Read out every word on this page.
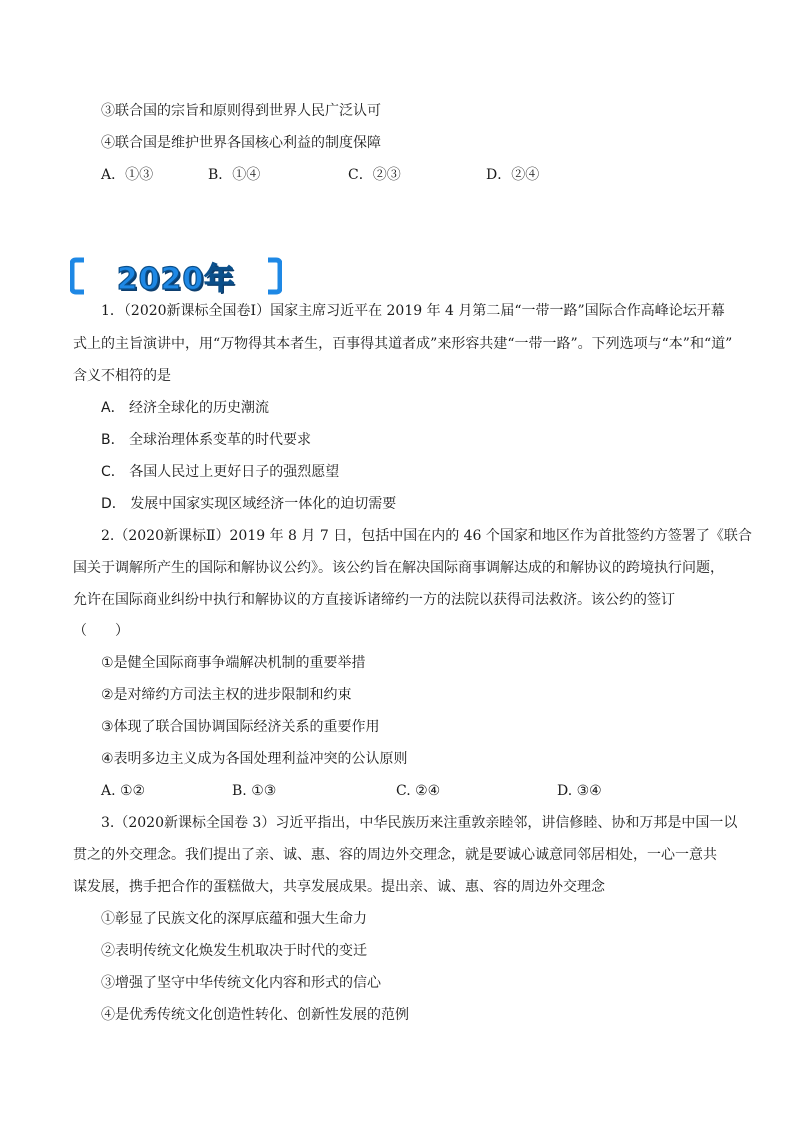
③联合国的宗旨和原则得到世界人民广泛认可
④联合国是维护世界各国核心利益的制度保障
A．①③	B．①④	C．②③	D．②④
2020年
1．（2020新课标全国卷Ⅰ）国家主席习近平在 2019 年 4 月第二届“一带一路”国际合作高峰论坛开幕
式上的主旨演讲中，用“万物得其本者生，百事得其道者成”来形容共建“一带一路”。下列选项与“本”和“道”
含义不相符的是
A． 经济全球化的历史潮流
B． 全球治理体系变革的时代要求
C． 各国人民过上更好日子的强烈愿望
D． 发展中国家实现区域经济一体化的迫切需要
2.（2020新课标Ⅱ）2019 年 8 月 7 日，包括中国在内的 46 个国家和地区作为首批签约方签署了《联合
国关于调解所产生的国际和解协议公约》。该公约旨在解决国际商事调解达成的和解协议的跨境执行问题，
允许在国际商业纠纷中执行和解协议的方直接诉诸缔约一方的法院以获得司法救济。该公约的签订
（　　）
①是健全国际商事争端解决机制的重要举措
②是对缔约方司法主权的进步限制和约束
③体现了联合国协调国际经济关系的重要作用
④表明多边主义成为各国处理利益冲突的公认原则
A. ①②	B. ①③	C. ②④	D. ③④
3.（2020新课标全国卷 3）习近平指出，中华民族历来注重敦亲睦邻，讲信修睦、协和万邦是中国一以
贯之的外交理念。我们提出了亲、诚、惠、容的周边外交理念，就是要诚心诚意同邻居相处，一心一意共
谋发展，携手把合作的蛋糕做大，共享发展成果。提出亲、诚、惠、容的周边外交理念
①彰显了民族文化的深厚底蕴和强大生命力
②表明传统文化焕发生机取决于时代的变迁
③增强了坚守中华传统文化内容和形式的信心
④是优秀传统文化创造性转化、创新性发展的范例
